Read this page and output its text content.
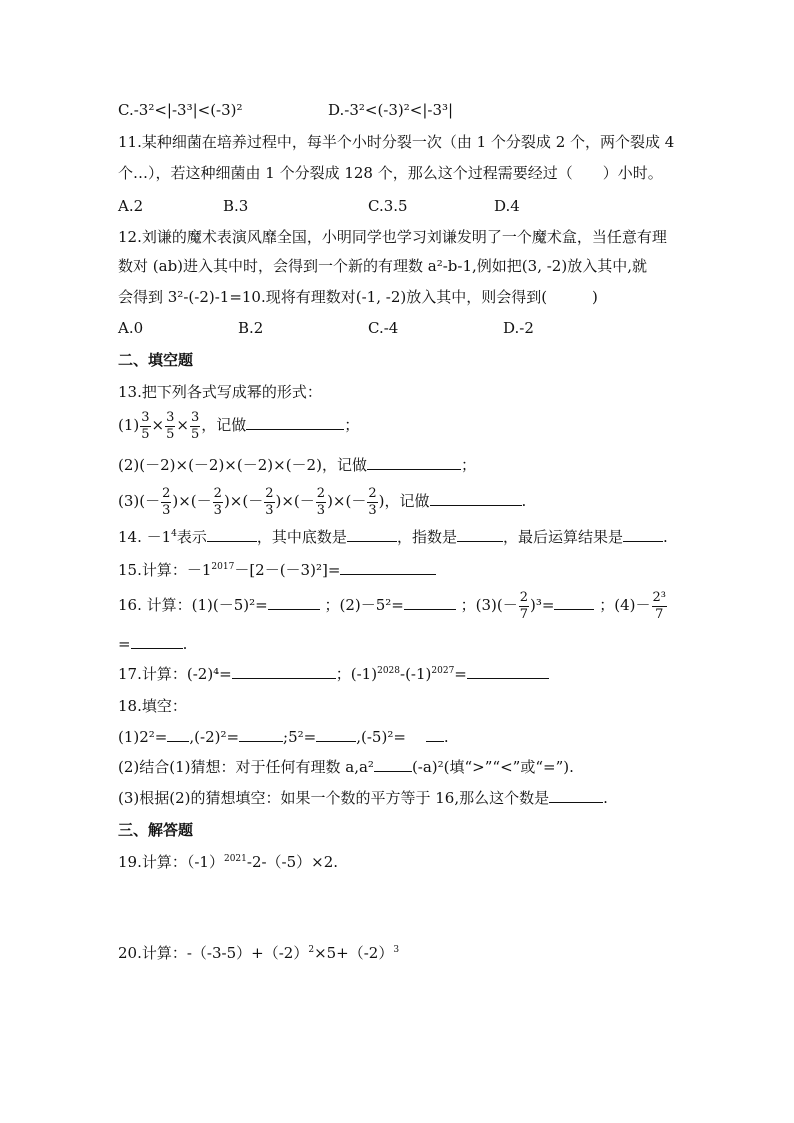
C.-3²<|-3³|<(-3)²	D.-3²<(-3)²<|-3³|
11.某种细菌在培养过程中，每半个小时分裂一次（由 1 个分裂成 2 个，两个裂成 4
个…），若这种细菌由 1 个分裂成 128 个，那么这个过程需要经过（　　）小时。
A.2	B.3	C.3.5	D.4
12.刘谦的魔术表演风靡全国，小明同学也学习刘谦发明了一个魔术盒，当任意有理
数对 (ab)进入其中时，会得到一个新的有理数 a²-b-1,例如把(3, -2)放入其中,就
会得到 3²-(-2)-1=10.现将有理数对(-1, -2)放入其中，则会得到(　　　)
A.0	B.2	C.-4	D.-2
二、填空题
13.把下列各式写成幂的形式：
$(1) \frac{3}{5} \times \frac{3}{5} \times \frac{3}{5}$ ，记做	；
(2)(－2)×(－2)×(－2)×(－2)，记做	；
$(3)(- \frac{2}{3}$ )×(－ $\frac{2}{3}$ )×(－ $\frac{2}{3}$ )×(－ $\frac{2}{3}$ )×(－ $\frac{2}{3}$ )，记做	.
14. $-1^4$表示	，其中底数是	，指数是	，最后运算结果是	.
15.计算：$-1^{2017}-[2-(-3)^2]=$
16. 计算：(1)(－5)²=	；(2)－5²=	；$(3)(- \frac{2}{7} )^3=$	；$(4)- \frac{\text{2³}}{7}$
=	.
17.计算：(-2)⁴=	；$(-1)^{2028}-(-1)^{2027}=$
18.填空：
(1)2²= ,(-2)²=	;5²=	,(-5)²=	.
(2)结合(1)猜想：对于任何有理数 a,a²	(-a)²(填“>”“<”或“=”).
(3)根据(2)的猜想填空：如果一个数的平方等于 16,那么这个数是	.
三、解答题
19.计算：$(-1)^{2021}-2-(-5)\times 2$.
20.计算：$-(-3-5)+(-2)^2\times 5+(-2)^3$
